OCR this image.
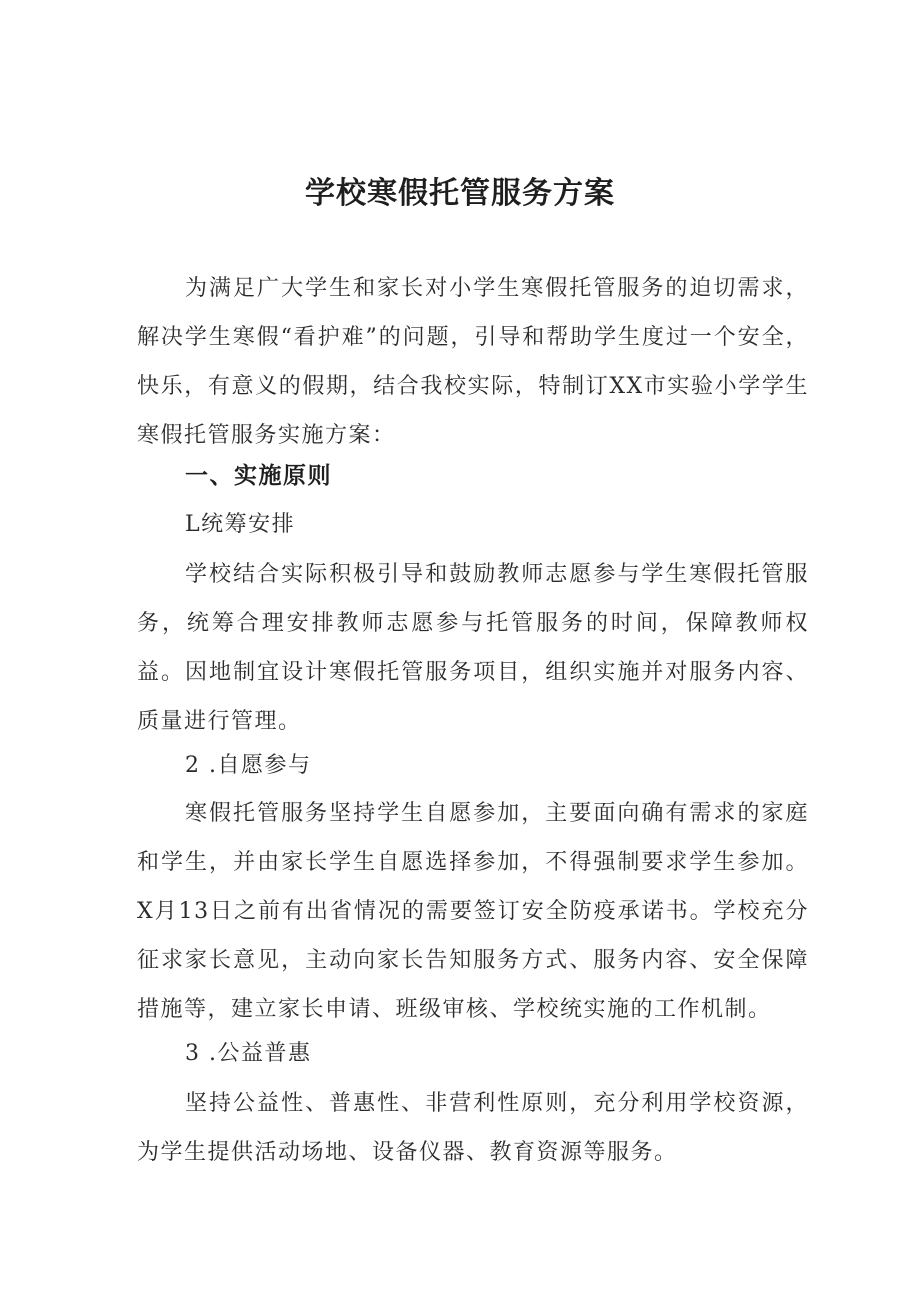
学校寒假托管服务方案
为满足广大学生和家长对小学生寒假托管服务的迫切需求，解决学生寒假“看护难”的问题，引导和帮助学生度过一个安全，快乐，有意义的假期，结合我校实际，特制订XX市实验小学学生寒假托管服务实施方案：
一、实施原则
L统筹安排
学校结合实际积极引导和鼓励教师志愿参与学生寒假托管服务，统筹合理安排教师志愿参与托管服务的时间，保障教师权益。因地制宜设计寒假托管服务项目，组织实施并对服务内容、质量进行管理。
2 .自愿参与
寒假托管服务坚持学生自愿参加，主要面向确有需求的家庭和学生，并由家长学生自愿选择参加，不得强制要求学生参加。X月13日之前有出省情况的需要签订安全防疫承诺书。学校充分征求家长意见，主动向家长告知服务方式、服务内容、安全保障措施等，建立家长申请、班级审核、学校统实施的工作机制。
3 .公益普惠
坚持公益性、普惠性、非营利性原则，充分利用学校资源，为学生提供活动场地、设备仪器、教育资源等服务。
